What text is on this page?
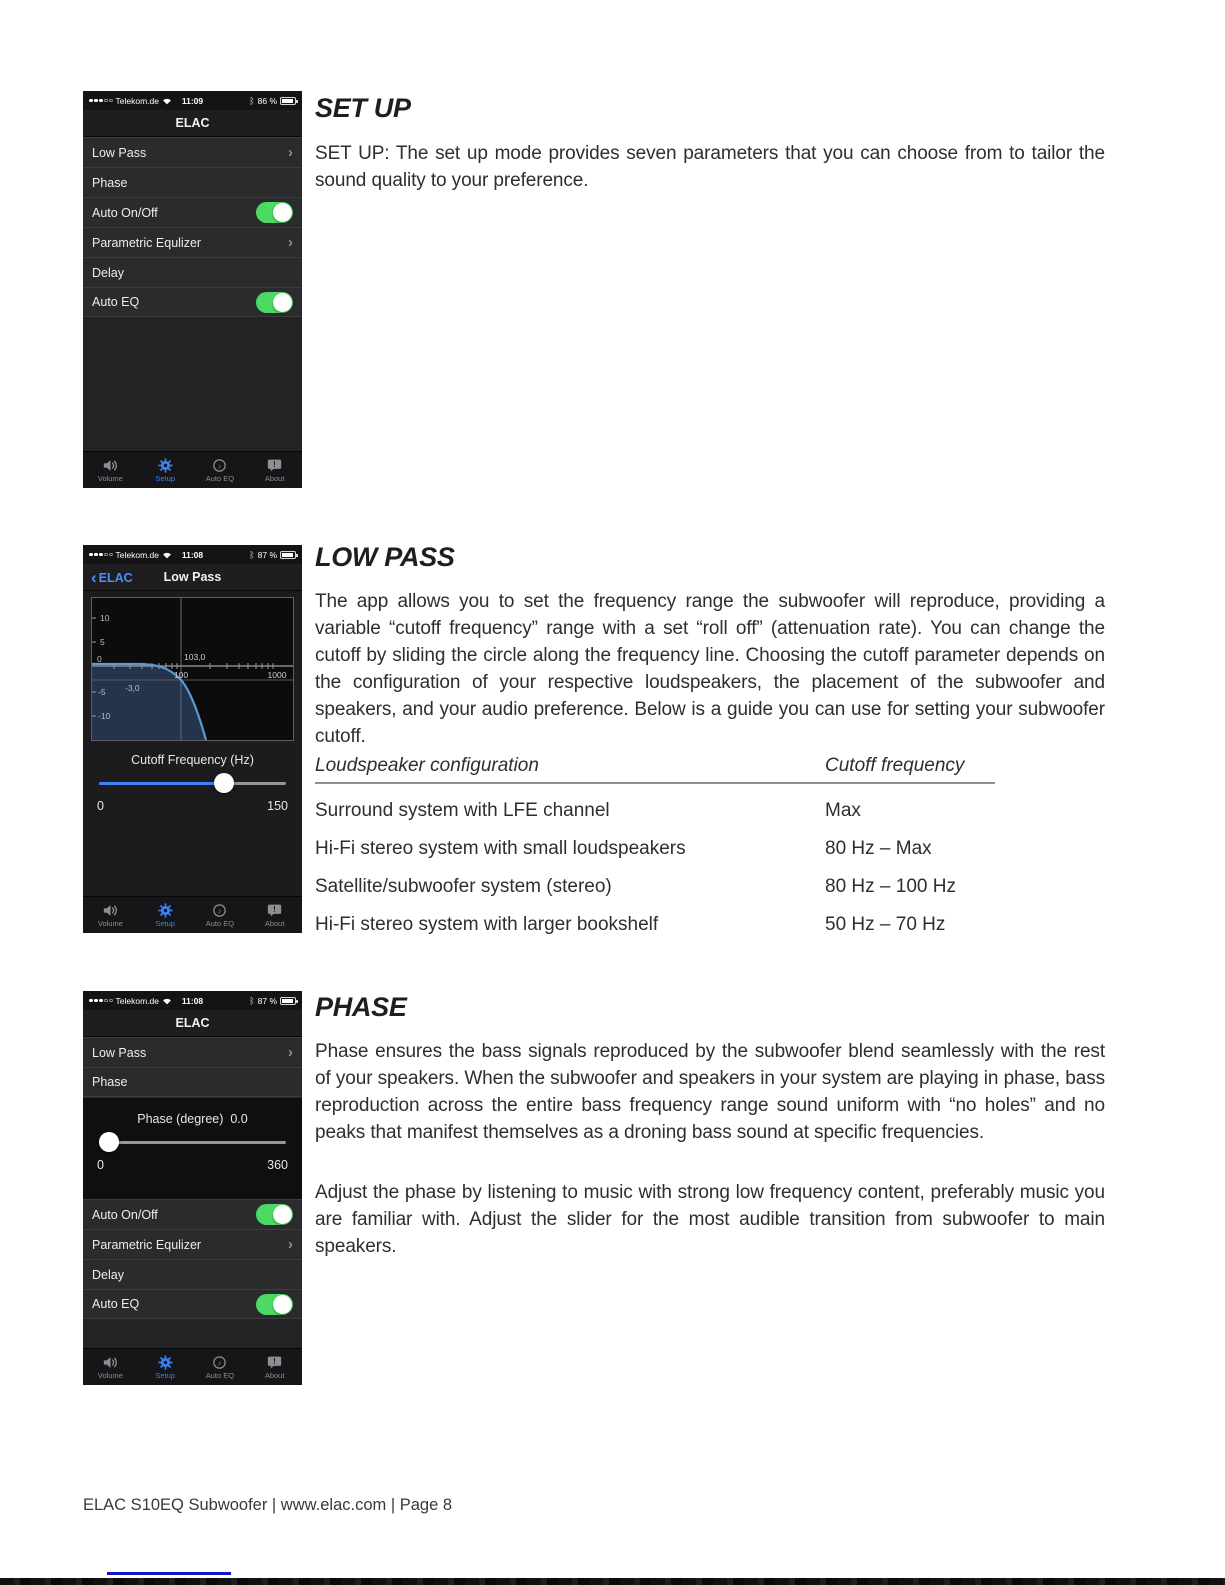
Telekom.de	11:09	ᛒ 86 %
ELAC
Low Pass	›
Phase
Auto On/Off
Parametric Equlizer	›
Delay
Auto EQ
Volume	Setup
♪
Auto EQ
!
About
Telekom.de	11:08	ᛒ 87 %
‹ ELAC Low Pass
10
5
0
-5
-10
103,0
100	1000
-3,0
Cutoff Frequency (Hz)
0	150
Volume	Setup
♪
Auto EQ
!
About
Telekom.de	11:08	ᛒ 87 %
ELAC
Low Pass	›
Phase
Phase (degree) 0.0
0	360
Auto On/Off
Parametric Equlizer	›
Delay
Auto EQ
Volume	Setup
♪
Auto EQ
!
About
SET UP

SET UP: The set up mode provides seven parameters that you can choose from to tailor the sound quality to your preference.

LOW PASS

The app allows you to set the frequency range the subwoofer will reproduce, providing a variable “cutoff frequency” range with a set “roll off” (attenuation rate). You can change the cutoff by sliding the circle along the frequency line. Choosing the cutoff parameter depends on the configuration of your respective loudspeakers, the placement of the subwoofer and speakers, and your audio preference. Below is a guide you can use for setting your subwoofer cutoff.

Loudspeaker configuration	Cutoff frequency
Surround system with LFE channel	Max
Hi-Fi stereo system with small loudspeakers	80 Hz – Max
Satellite/subwoofer system (stereo)	80 Hz – 100 Hz
Hi-Fi stereo system with larger bookshelf	50 Hz – 70 Hz
PHASE

Phase ensures the bass signals reproduced by the subwoofer blend seamlessly with the rest of your speakers. When the subwoofer and speakers in your system are playing in phase, bass reproduction across the entire bass frequency range sound uniform with “no holes” and no peaks that manifest themselves as a droning bass sound at specific frequencies.

Adjust the phase by listening to music with strong low frequency content, preferably music you are familiar with. Adjust the slider for the most audible transition from subwoofer to main speakers.

ELAC S10EQ Subwoofer | www.elac.com | Page 8
